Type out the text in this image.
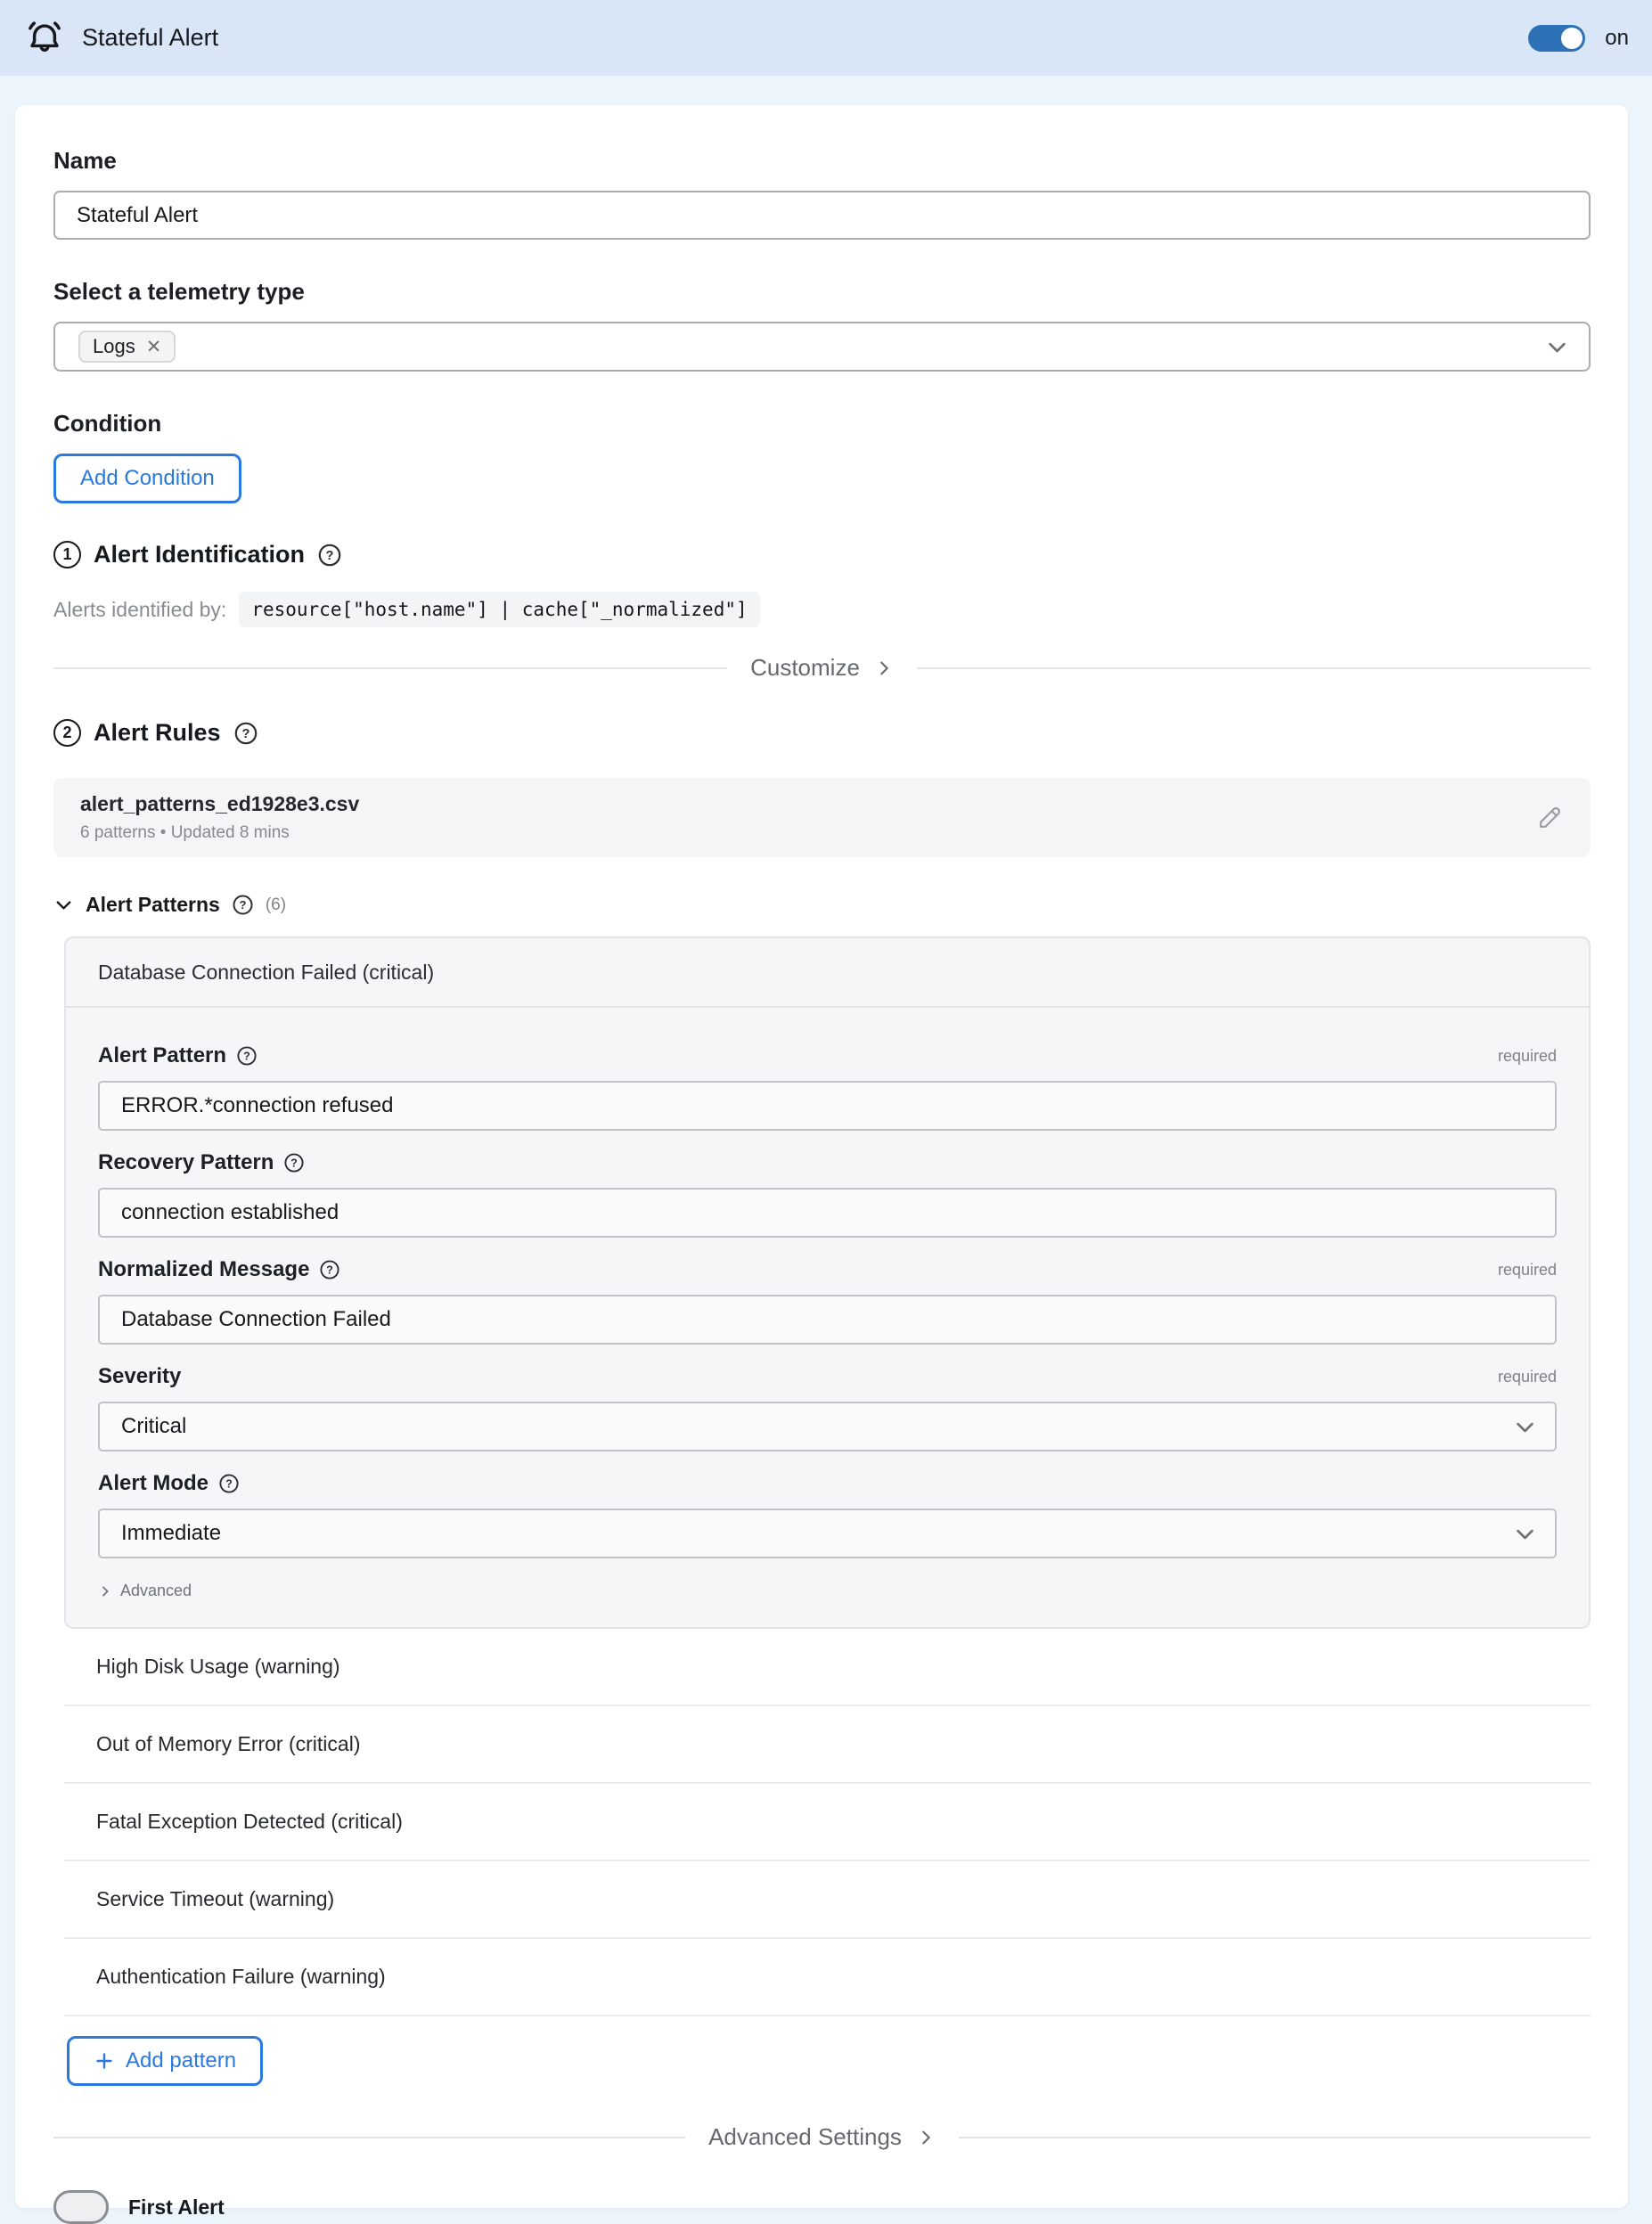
Stateful Alert	on
Name
Stateful Alert
Select a telemetry type
Logs ✕
Condition
Add Condition
1 Alert Identification ?
Alerts identified by:	resource["host.name"] | cache["_normalized"]
Customize
2 Alert Rules ?
alert_patterns_ed1928e3.csv
6 patterns • Updated 8 mins
Alert Patterns ? (6)
Database Connection Failed (critical)
Alert Pattern ?	required
ERROR.*connection refused
Recovery Pattern ?
connection established
Normalized Message ?	required
Database Connection Failed
Severity	required
Critical
Alert Mode ?
Immediate
Advanced
High Disk Usage (warning)
Out of Memory Error (critical)
Fatal Exception Detected (critical)
Service Timeout (warning)
Authentication Failure (warning)
Add pattern
Advanced Settings
First Alert
